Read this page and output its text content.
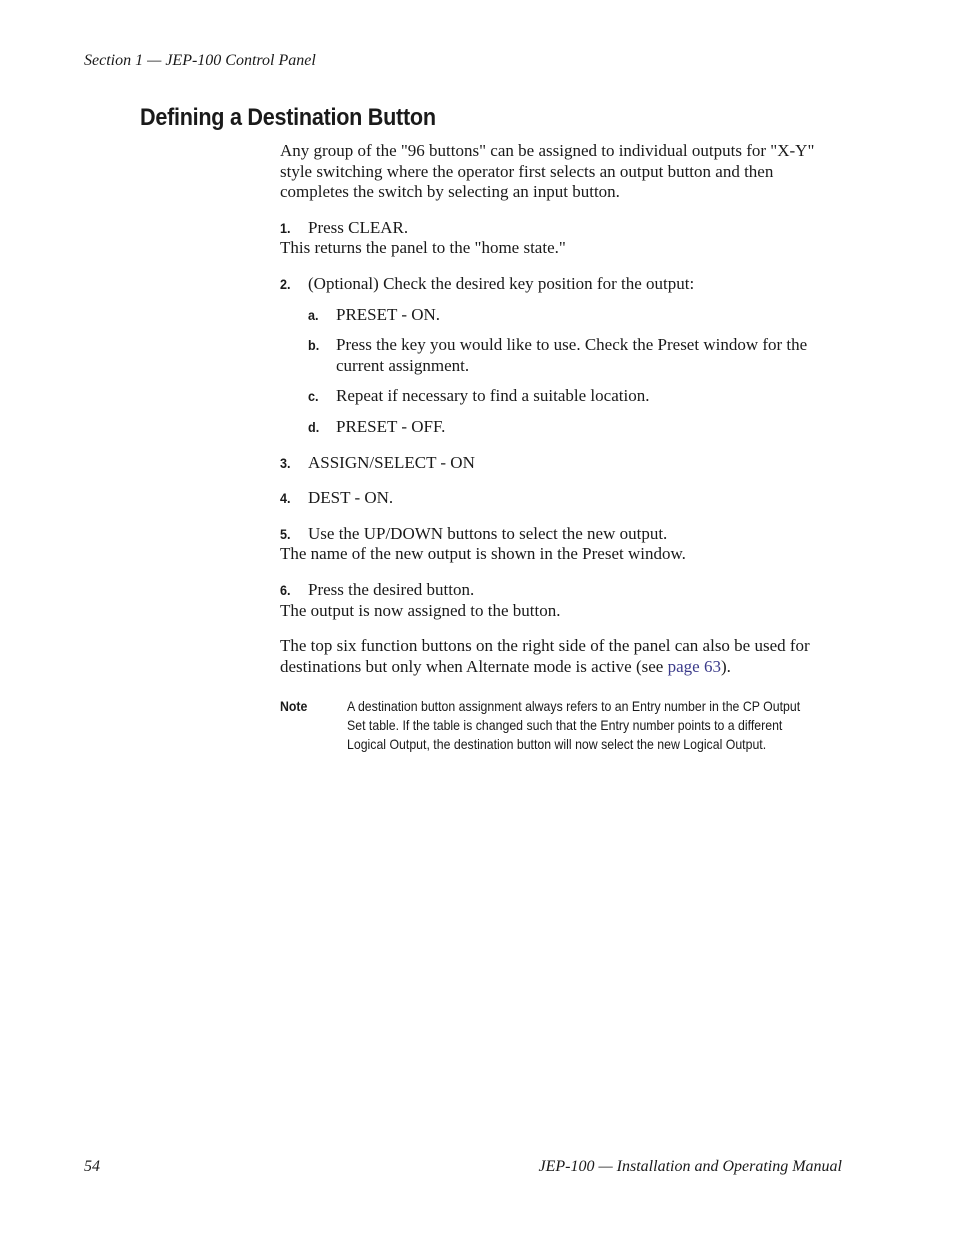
Section 1 — JEP-100 Control Panel
Defining a Destination Button

Any group of the "96 buttons" can be assigned to individual outputs for "X-Y" style switching where the operator first selects an output button and then completes the switch by selecting an input button.

1.	Press CLEAR.

This returns the panel to the "home state."

2.	(Optional) Check the desired key position for the output:
a.	PRESET - ON.
b. Press the key you would like to use. Check the Preset window for the current assignment.
c.	Repeat if necessary to find a suitable location.
d. PRESET - OFF.
3.	ASSIGN/SELECT - ON
4.	DEST - ON.
5.	Use the UP/DOWN buttons to select the new output.

The name of the new output is shown in the Preset window.

6.	Press the desired button.

The output is now assigned to the button.

The top six function buttons on the right side of the panel can also be used for destinations but only when Alternate mode is active (see page 63).

Note	A destination button assignment always refers to an Entry number in the CP Output Set table. If the table is changed such that the Entry number points to a different Logical Output, the destination button will now select the new Logical Output.
54	JEP-100 — Installation and Operating Manual
